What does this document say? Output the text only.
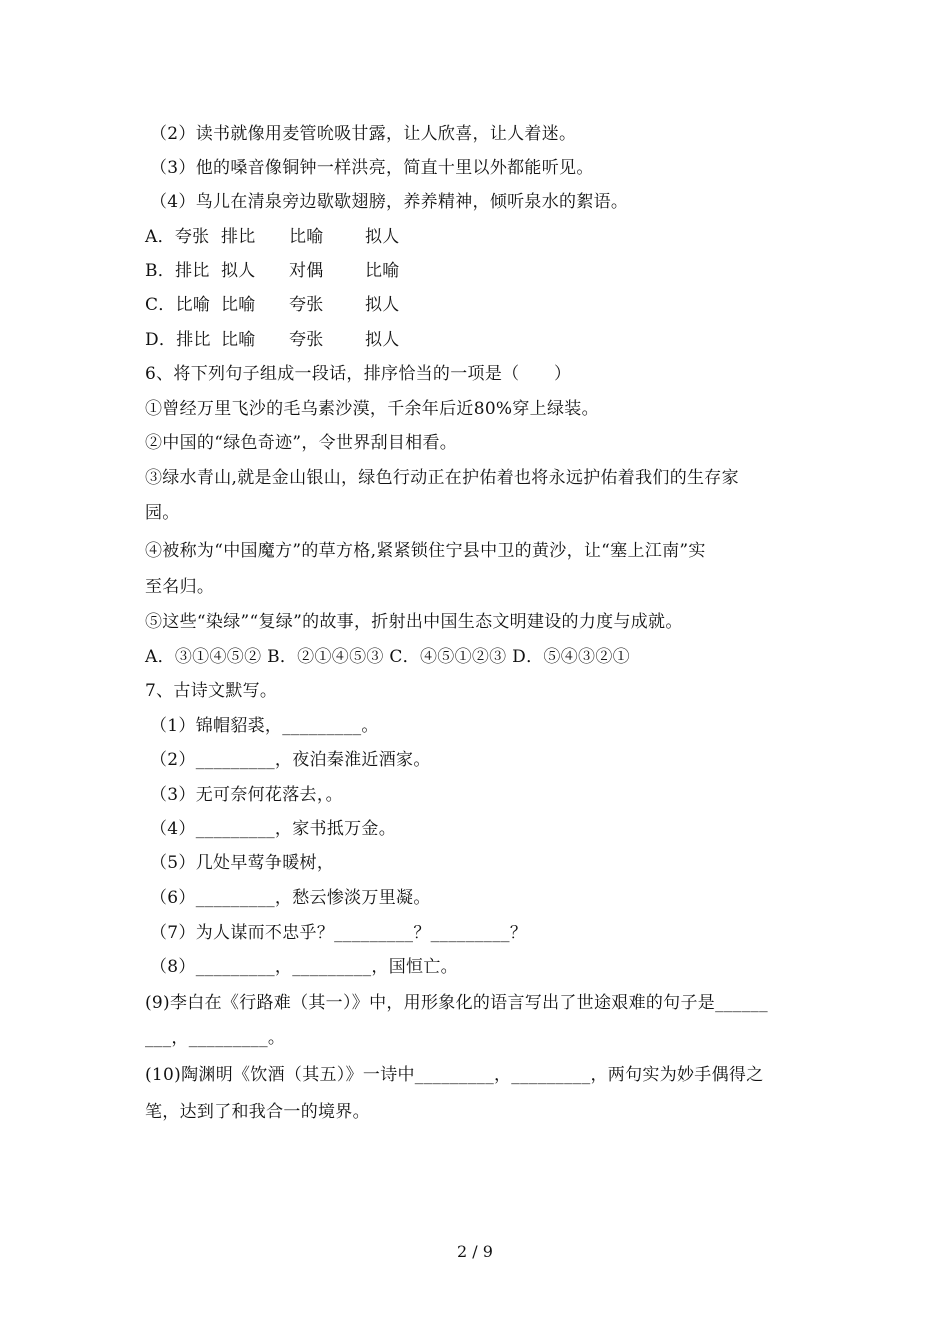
（2）读书就像用麦管吮吸甘露，让人欣喜，让人着迷。
（3）他的嗓音像铜钟一样洪亮，简直十里以外都能听见。
（4）鸟儿在清泉旁边歇歇翅膀，养养精神，倾听泉水的絮语。
A．夸张 排比 比喻 拟人
B．排比 拟人 对偶 比喻
C．比喻 比喻 夸张 拟人
D．排比 比喻 夸张 拟人
6、将下列句子组成一段话，排序恰当的一项是（　　）
①曾经万里飞沙的毛乌素沙漠，千余年后近80%穿上绿装。
②中国的“绿色奇迹”，令世界刮目相看。
③绿水青山,就是金山银山，绿色行动正在护佑着也将永远护佑着我们的生存家
园。
④被称为“中国魔方”的草方格,紧紧锁住宁县中卫的黄沙，让“塞上江南”实
至名归。
⑤这些“染绿”“复绿”的故事，折射出中国生态文明建设的力度与成就。
A．③①④⑤② B．②①④⑤③ C．④⑤①②③ D．⑤④③②①
7、古诗文默写。
（1）锦帽貂裘，_________。
（2）_________，夜泊秦淮近酒家。
（3）无可奈何花落去，。
（4）_________，家书抵万金。
（5）几处早莺争暖树，
（6）_________，愁云惨淡万里凝。
（7）为人谋而不忠乎？_________？_________？
（8）_________，_________，国恒亡。
(9)李白在《行路难（其一）》中，用形象化的语言写出了世途艰难的句子是______
___，_________。
(10)陶渊明《饮酒（其五）》一诗中_________，_________，两句实为妙手偶得之
笔，达到了和我合一的境界。
2 / 9
